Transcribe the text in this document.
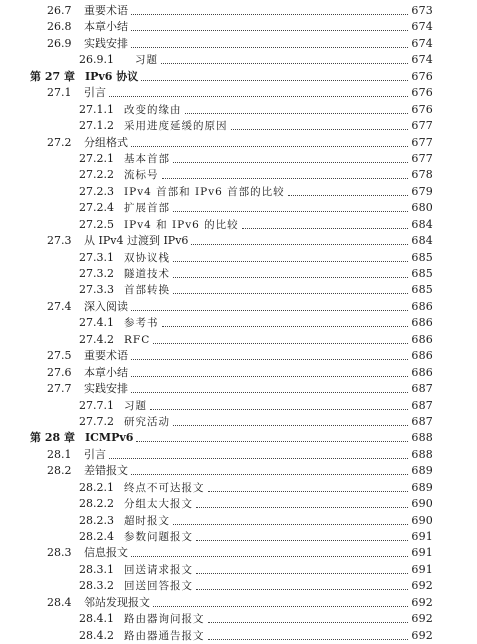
26.7 重要术语	673
26.8 本章小结	674
26.9 实践安排	674
26.9.1 习题	674
第 27 章 IPv6 协议	676
27.1 引言	676
27.1.1 改变的缘由	676
27.1.2 采用进度延缓的原因	677
27.2 分组格式	677
27.2.1 基本首部	677
27.2.2 流标号	678
27.2.3 IPv4 首部和 IPv6 首部的比较	679
27.2.4 扩展首部	680
27.2.5 IPv4 和 IPv6 的比较	684
27.3 从 IPv4 过渡到 IPv6	684
27.3.1 双协议栈	685
27.3.2 隧道技术	685
27.3.3 首部转换	685
27.4 深入阅读	686
27.4.1 参考书	686
27.4.2 RFC	686
27.5 重要术语	686
27.6 本章小结	686
27.7 实践安排	687
27.7.1 习题	687
27.7.2 研究活动	687
第 28 章 ICMPv6	688
28.1 引言	688
28.2 差错报文	689
28.2.1 终点不可达报文	689
28.2.2 分组太大报文	690
28.2.3 超时报文	690
28.2.4 参数问题报文	691
28.3 信息报文	691
28.3.1 回送请求报文	691
28.3.2 回送回答报文	692
28.4 邻站发现报文	692
28.4.1 路由器询问报文	692
28.4.2 路由器通告报文	692
